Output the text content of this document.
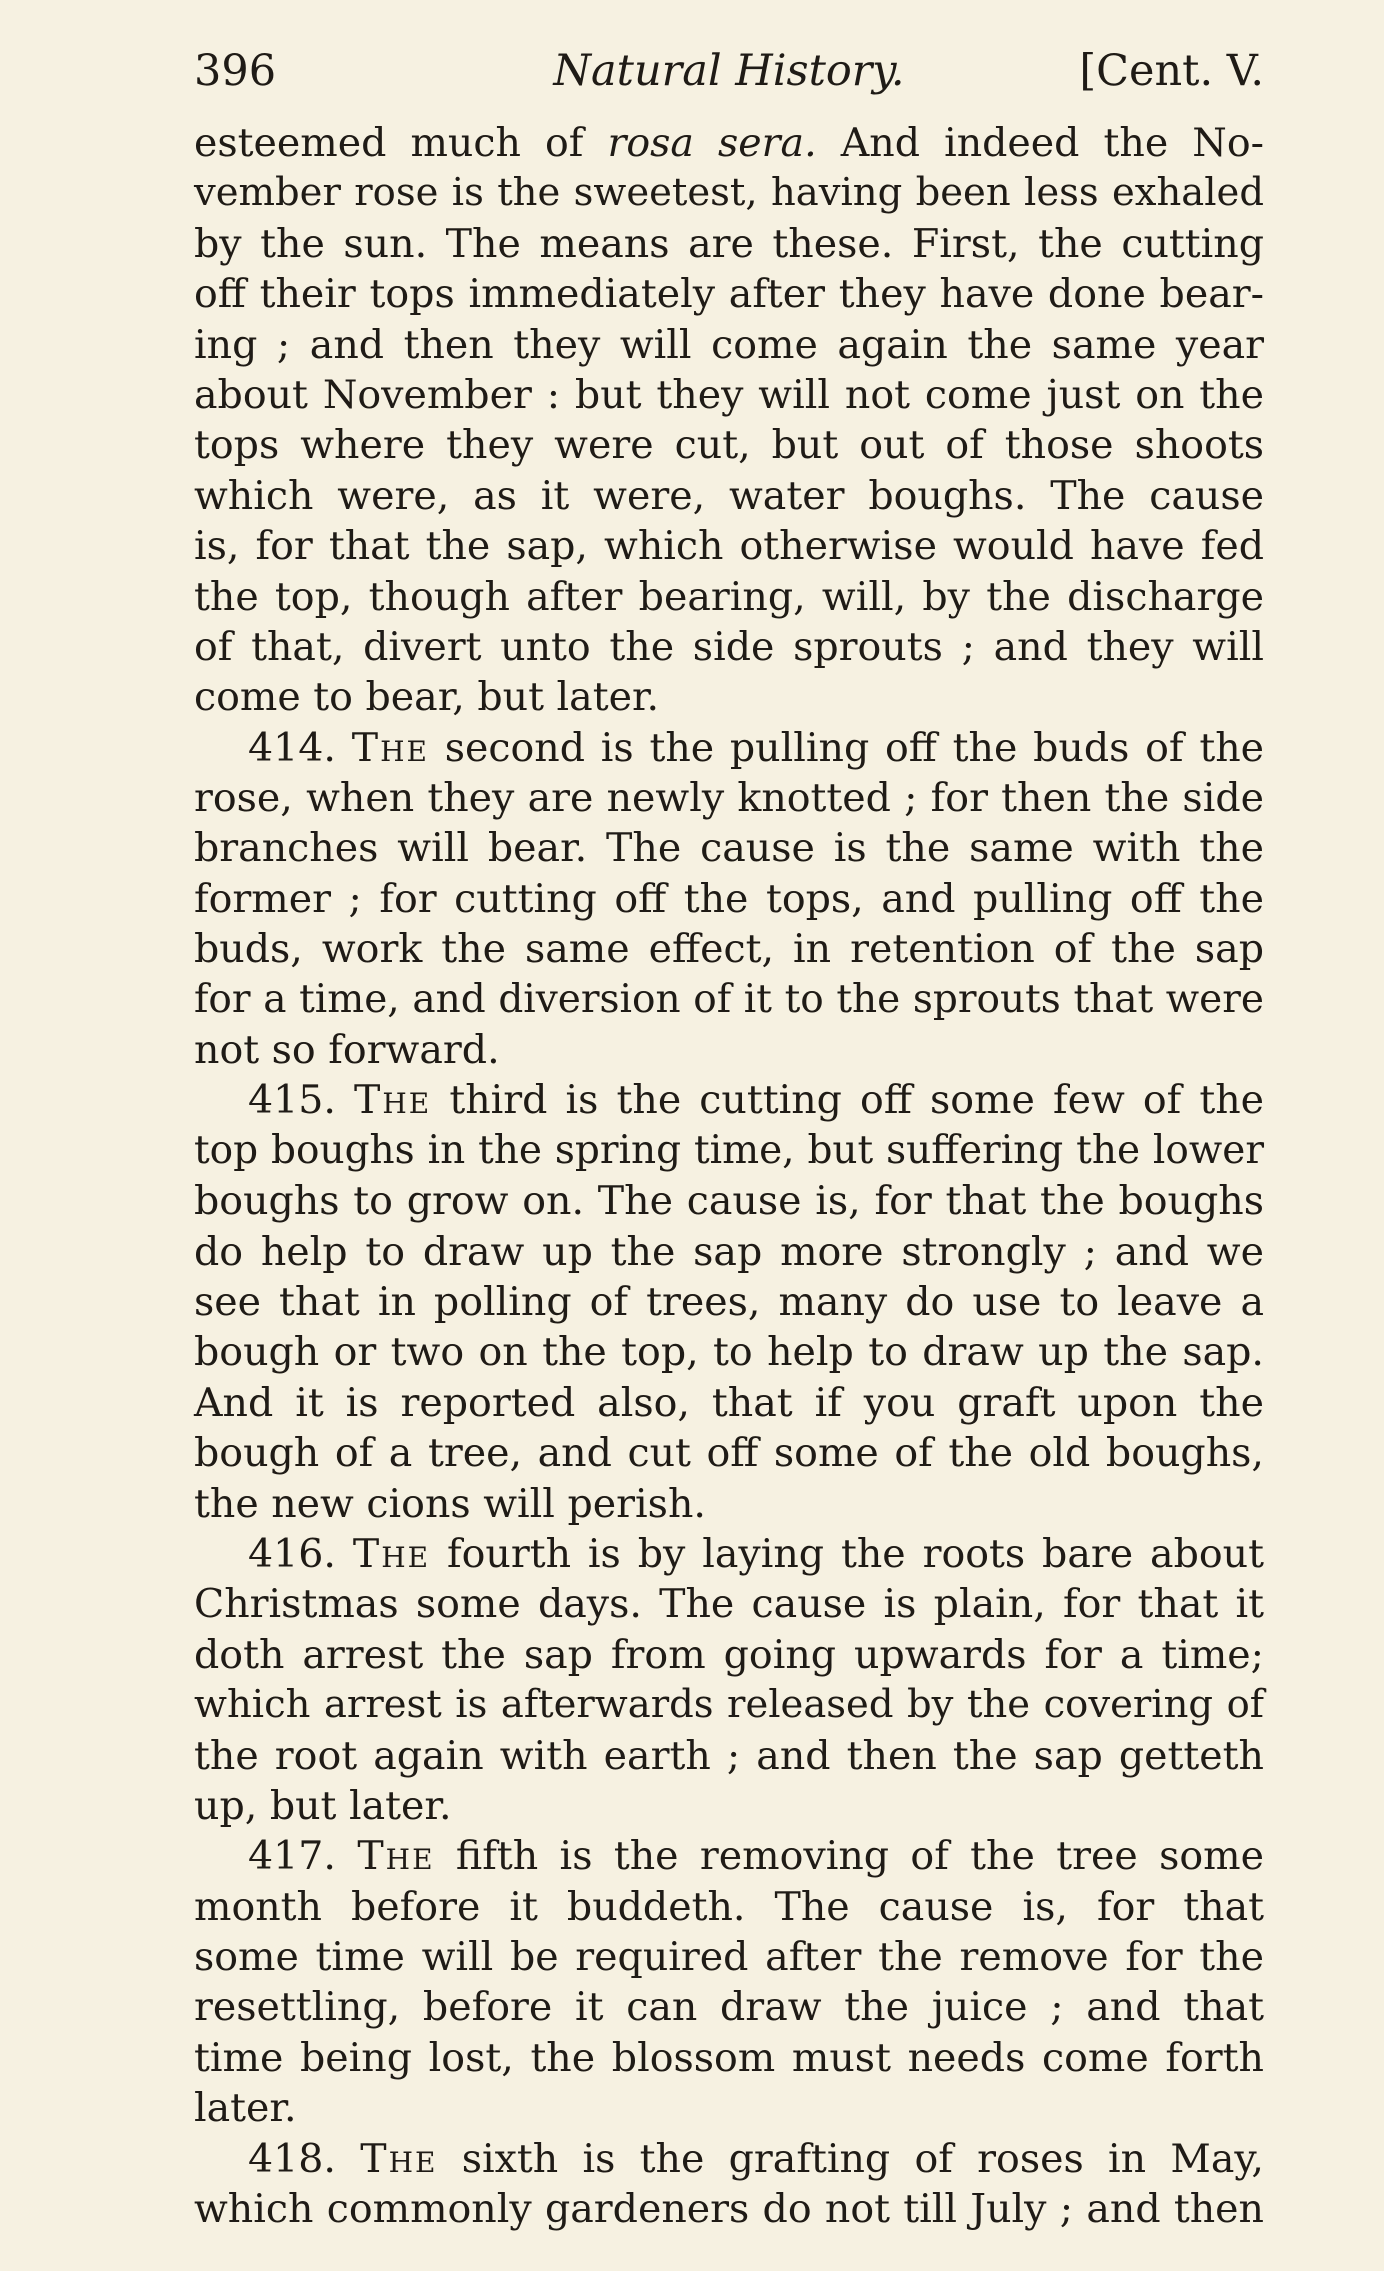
396	Natural History.	[Cent. V.
esteemed much of rosa sera. And indeed the No-
vember rose is the sweetest, having been less exhaled
by the sun. The means are these. First, the cutting
off their tops immediately after they have done bear-
ing ; and then they will come again the same year
about November : but they will not come just on the
tops where they were cut, but out of those shoots
which were, as it were, water boughs. The cause
is, for that the sap, which otherwise would have fed
the top, though after bearing, will, by the discharge
of that, divert unto the side sprouts ; and they will
come to bear, but later.
414. The second is the pulling off the buds of the
rose, when they are newly knotted ; for then the side
branches will bear. The cause is the same with the
former ; for cutting off the tops, and pulling off the
buds, work the same effect, in retention of the sap
for a time, and diversion of it to the sprouts that were
not so forward.
415. The third is the cutting off some few of the
top boughs in the spring time, but suffering the lower
boughs to grow on. The cause is, for that the boughs
do help to draw up the sap more strongly ; and we
see that in polling of trees, many do use to leave a
bough or two on the top, to help to draw up the sap.
And it is reported also, that if you graft upon the
bough of a tree, and cut off some of the old boughs,
the new cions will perish.
416. The fourth is by laying the roots bare about
Christmas some days. The cause is plain, for that it
doth arrest the sap from going upwards for a time;
which arrest is afterwards released by the covering of
the root again with earth ; and then the sap getteth
up, but later.
417. The fifth is the removing of the tree some
month before it buddeth. The cause is, for that
some time will be required after the remove for the
resettling, before it can draw the juice ; and that
time being lost, the blossom must needs come forth
later.
418. The sixth is the grafting of roses in May,
which commonly gardeners do not till July ; and then
